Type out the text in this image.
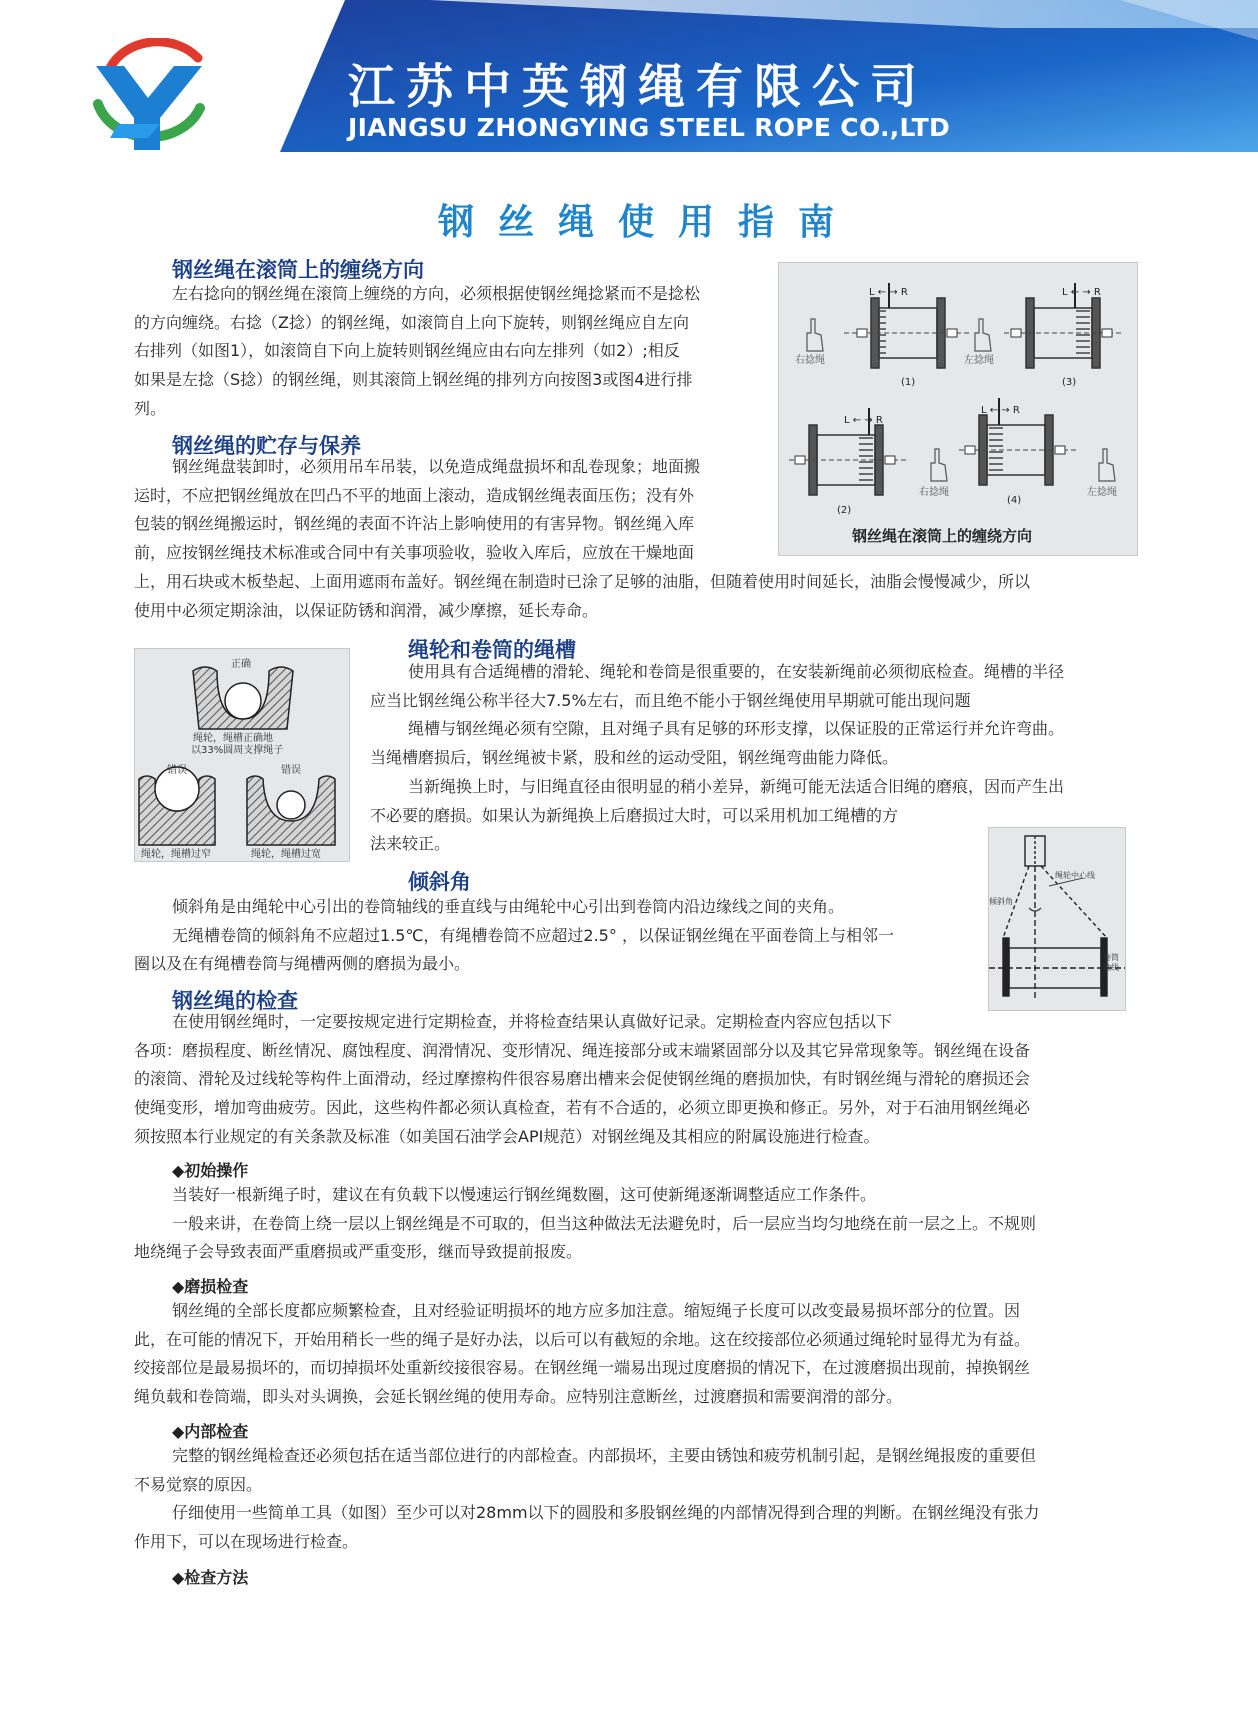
江苏中英钢绳有限公司
JIANGSU ZHONGYING STEEL ROPE CO.,LTD
钢丝绳使用指南
L ← → R	L ← → R
L ← → R
L ← → R
(1)	(3)
(2)
(4)
右捻绳	左捻绳
右捻绳	左捻绳
钢丝绳在滚筒上的缠绕方向
钢丝绳在滚筒上的缠绕方向
左右捻向的钢丝绳在滚筒上缠绕的方向，必须根据使钢丝绳捻紧而不是捻松
的方向缠绕。右捻（Z捻）的钢丝绳，如滚筒自上向下旋转，则钢丝绳应自左向
右排列（如图1），如滚筒自下向上旋转则钢丝绳应由右向左排列（如2）;相反
如果是左捻（S捻）的钢丝绳，则其滚筒上钢丝绳的排列方向按图3或图4进行排
列。
钢丝绳的贮存与保养
钢丝绳盘装卸时，必须用吊车吊装，以免造成绳盘损坏和乱卷现象；地面搬
运时，不应把钢丝绳放在凹凸不平的地面上滚动，造成钢丝绳表面压伤；没有外
包装的钢丝绳搬运时，钢丝绳的表面不许沾上影响使用的有害异物。钢丝绳入库
前，应按钢丝绳技术标准或合同中有关事项验收，验收入库后，应放在干燥地面
上，用石块或木板垫起、上面用遮雨布盖好。钢丝绳在制造时已涂了足够的油脂，但随着使用时间延长，油脂会慢慢减少，所以
使用中必须定期涂油，以保证防锈和润滑，减少摩擦，延长寿命。
正确
绳轮，绳槽正确地
以33%圆周支撑绳子
错误	错误
绳轮，绳槽过窄	绳轮，绳槽过宽
绳轮和卷筒的绳槽
使用具有合适绳槽的滑轮、绳轮和卷筒是很重要的，在安装新绳前必须彻底检查。绳槽的半径
应当比钢丝绳公称半径大7.5%左右，而且绝不能小于钢丝绳使用早期就可能出现问题
绳槽与钢丝绳必须有空隙，且对绳子具有足够的环形支撑，以保证股的正常运行并允许弯曲。
当绳槽磨损后，钢丝绳被卡紧，股和丝的运动受阻，钢丝绳弯曲能力降低。
当新绳换上时，与旧绳直径由很明显的稍小差异，新绳可能无法适合旧绳的磨痕，因而产生出
不必要的磨损。如果认为新绳换上后磨损过大时，可以采用机加工绳槽的方
法来较正。
绳轮中心线
倾斜角
卷筒
轴线
倾斜角
倾斜角是由绳轮中心引出的卷筒轴线的垂直线与由绳轮中心引出到卷筒内沿边缘线之间的夹角。
无绳槽卷筒的倾斜角不应超过1.5℃，有绳槽卷筒不应超过2.5° ，以保证钢丝绳在平面卷筒上与相邻一
圈以及在有绳槽卷筒与绳槽两侧的磨损为最小。
钢丝绳的检查
在使用钢丝绳时，一定要按规定进行定期检查，并将检查结果认真做好记录。定期检查内容应包括以下
各项：磨损程度、断丝情况、腐蚀程度、润滑情况、变形情况、绳连接部分或末端紧固部分以及其它异常现象等。钢丝绳在设备
的滚筒、滑轮及过线轮等构件上面滑动，经过摩擦构件很容易磨出槽来会促使钢丝绳的磨损加快，有时钢丝绳与滑轮的磨损还会
使绳变形，增加弯曲疲劳。因此，这些构件都必须认真检查，若有不合适的，必须立即更换和修正。另外，对于石油用钢丝绳必
须按照本行业规定的有关条款及标准（如美国石油学会API规范）对钢丝绳及其相应的附属设施进行检查。
◆初始操作
当装好一根新绳子时，建议在有负载下以慢速运行钢丝绳数圈，这可使新绳逐渐调整适应工作条件。
一般来讲，在卷筒上绕一层以上钢丝绳是不可取的，但当这种做法无法避免时，后一层应当均匀地绕在前一层之上。不规则
地绕绳子会导致表面严重磨损或严重变形，继而导致提前报废。
◆磨损检查
钢丝绳的全部长度都应频繁检查，且对经验证明损坏的地方应多加注意。缩短绳子长度可以改变最易损坏部分的位置。因
此，在可能的情况下，开始用稍长一些的绳子是好办法，以后可以有截短的余地。这在绞接部位必须通过绳轮时显得尤为有益。
绞接部位是最易损坏的，而切掉损坏处重新绞接很容易。在钢丝绳一端易出现过度磨损的情况下，在过渡磨损出现前，掉换钢丝
绳负载和卷筒端，即头对头调换，会延长钢丝绳的使用寿命。应特别注意断丝，过渡磨损和需要润滑的部分。
◆内部检查
完整的钢丝绳检查还必须包括在适当部位进行的内部检查。内部损坏，主要由锈蚀和疲劳机制引起，是钢丝绳报废的重要但
不易觉察的原因。
仔细使用一些简单工具（如图）至少可以对28mm以下的圆股和多股钢丝绳的内部情况得到合理的判断。在钢丝绳没有张力
作用下，可以在现场进行检查。
◆检查方法
